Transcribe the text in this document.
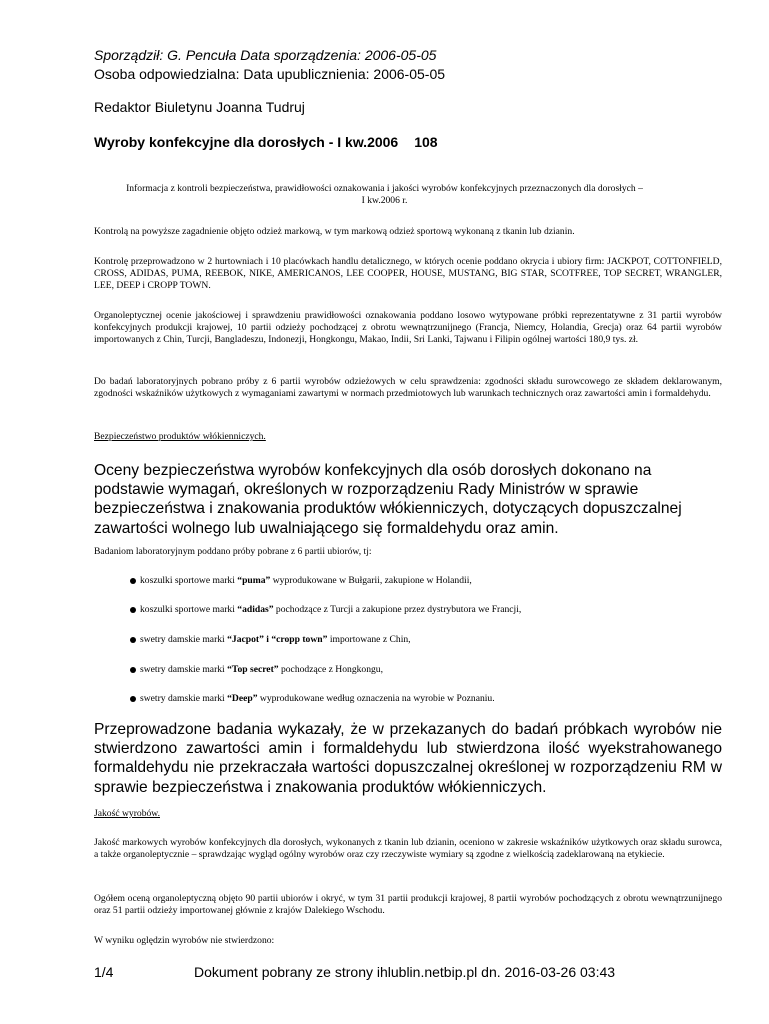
Sporządził: G. Pencuła Data sporządzenia: 2006-05-05
Osoba odpowiedzialna: Data upublicznienia: 2006-05-05
Redaktor Biuletynu Joanna Tudruj
Wyroby konfekcyjne dla dorosłych - I kw.2006 108
Informacja z kontroli bezpieczeństwa, prawidłowości oznakowania i jakości wyrobów konfekcyjnych przeznaczonych dla dorosłych –
I kw.2006 r.
Kontrolą na powyższe zagadnienie objęto odzież markową, w tym markową odzież sportową wykonaną z tkanin lub dzianin.
Kontrolę przeprowadzono w 2 hurtowniach i 10 placówkach handlu detalicznego, w których ocenie poddano okrycia i ubiory firm: JACKPOT, COTTONFIELD, CROSS, ADIDAS, PUMA, REEBOK, NIKE, AMERICANOS, LEE COOPER, HOUSE, MUSTANG, BIG STAR, SCOTFREE, TOP SECRET, WRANGLER, LEE, DEEP i CROPP TOWN.
Organoleptycznej ocenie jakościowej i sprawdzeniu prawidłowości oznakowania poddano losowo wytypowane próbki reprezentatywne z 31 partii wyrobów konfekcyjnych produkcji krajowej, 10 partii odzieży pochodzącej z obrotu wewnątrzunijnego (Francja, Niemcy, Holandia, Grecja) oraz 64 partii wyrobów importowanych z Chin, Turcji, Bangladeszu, Indonezji, Hongkongu, Makao, Indii, Sri Lanki, Tajwanu i Filipin ogólnej wartości 180,9 tys. zł.
Do badań laboratoryjnych pobrano próby z 6 partii wyrobów odzieżowych w celu sprawdzenia: zgodności składu surowcowego ze składem deklarowanym, zgodności wskaźników użytkowych z wymaganiami zawartymi w normach przedmiotowych lub warunkach technicznych oraz zawartości amin i formaldehydu.
Bezpieczeństwo produktów włókienniczych.
Oceny bezpieczeństwa wyrobów konfekcyjnych dla osób dorosłych dokonano na podstawie wymagań, określonych w rozporządzeniu Rady Ministrów w sprawie bezpieczeństwa i znakowania produktów włókienniczych, dotyczących dopuszczalnej zawartości wolnego lub uwalniającego się formaldehydu oraz amin.
Badaniom laboratoryjnym poddano próby pobrane z 6 partii ubiorów, tj:
koszulki sportowe marki “puma” wyprodukowane w Bułgarii, zakupione w Holandii,
koszulki sportowe marki “adidas” pochodzące z Turcji a zakupione przez dystrybutora we Francji,
swetry damskie marki “Jacpot” i “cropp town” importowane z Chin,
swetry damskie marki “Top secret” pochodzące z Hongkongu,
swetry damskie marki “Deep” wyprodukowane według oznaczenia na wyrobie w Poznaniu.
Przeprowadzone badania wykazały, że w przekazanych do badań próbkach wyrobów nie stwierdzono zawartości amin i formaldehydu lub stwierdzona ilość wyekstrahowanego formaldehydu nie przekraczała wartości dopuszczalnej określonej w rozporządzeniu RM w sprawie bezpieczeństwa i znakowania produktów włókienniczych.
Jakość wyrobów.
Jakość markowych wyrobów konfekcyjnych dla dorosłych, wykonanych z tkanin lub dzianin, oceniono w zakresie wskaźników użytkowych oraz składu surowca, a także organoleptycznie – sprawdzając wygląd ogólny wyrobów oraz czy rzeczywiste wymiary są zgodne z wielkością zadeklarowaną na etykiecie.
Ogółem oceną organoleptyczną objęto 90 partii ubiorów i okryć, w tym 31 partii produkcji krajowej, 8 partii wyrobów pochodzących z obrotu wewnątrzunijnego oraz 51 partii odzieży importowanej głównie z krajów Dalekiego Wschodu.
W wyniku oględzin wyrobów nie stwierdzono:
1/4	Dokument pobrany ze strony ihlublin.netbip.pl dn. 2016-03-26 03:43
